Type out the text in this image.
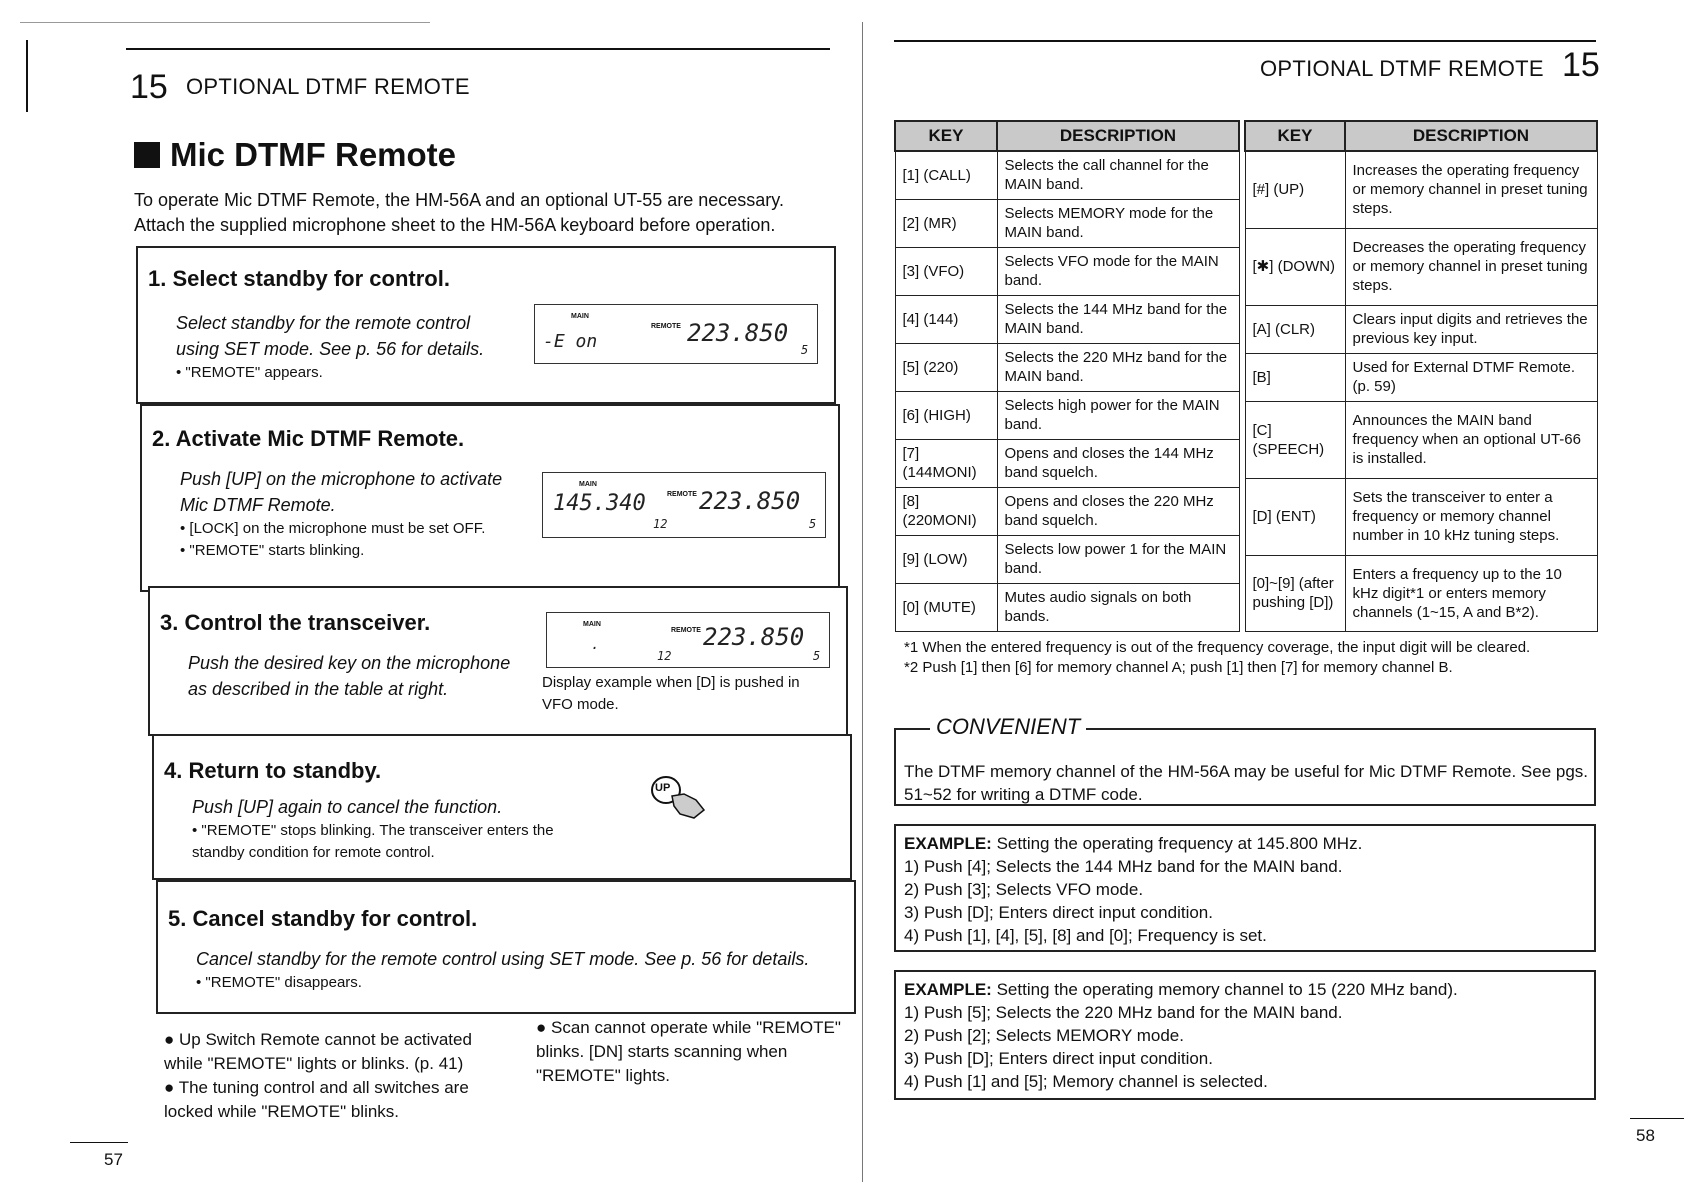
15 OPTIONAL DTMF REMOTE
Mic DTMF Remote
To operate Mic DTMF Remote, the HM-56A and an optional UT-55 are necessary. Attach the supplied microphone sheet to the HM-56A keyboard before operation.
1. Select standby for control.
Select standby for the remote control using SET mode. See p. 56 for details.
• "REMOTE" appears.
MAIN
REMOTE
-E on	223.850
5
2. Activate Mic DTMF Remote.
Push [UP] on the microphone to activate Mic DTMF Remote.
• [LOCK] on the microphone must be set OFF.
• "REMOTE" starts blinking.
MAIN
REMOTE
145.340 223.850
12	5
3. Control the transceiver.
Push the desired key on the microphone as described in the table at right.
MAIN
REMOTE
.	223.850
12	5
Display example when [D] is pushed in VFO mode.
4. Return to standby.
Push [UP] again to cancel the function.
• "REMOTE" stops blinking. The transceiver enters the standby condition for remote control.
UP
5. Cancel standby for control.
Cancel standby for the remote control using SET mode. See p. 56 for details.
• "REMOTE" disappears.
● Up Switch Remote cannot be activated while "REMOTE" lights or blinks. (p. 41)
● The tuning control and all switches are locked while "REMOTE" blinks.
● Scan cannot operate while "REMOTE" blinks. [DN] starts scanning when "REMOTE" lights.
57
OPTIONAL DTMF REMOTE 15
KEY	DESCRIPTION
[1] (CALL)	Selects the call channel for the MAIN band.
[2] (MR)	Selects MEMORY mode for the MAIN band.
[3] (VFO)	Selects VFO mode for the MAIN band.
[4] (144)	Selects the 144 MHz band for the MAIN band.
[5] (220)	Selects the 220 MHz band for the MAIN band.
[6] (HIGH)	Selects high power for the MAIN band.
[7] (144MONI)	Opens and closes the 144 MHz band squelch.
[8] (220MONI)	Opens and closes the 220 MHz band squelch.
[9] (LOW)	Selects low power 1 for the MAIN band.
[0] (MUTE)	Mutes audio signals on both bands.
KEY	DESCRIPTION
[#] (UP)	Increases the operating frequency or memory channel in preset tuning steps.
[✱] (DOWN)	Decreases the operating frequency or memory channel in preset tuning steps.
[A] (CLR)	Clears input digits and retrieves the previous key input.
[B]	Used for External DTMF Remote. (p. 59)
[C] (SPEECH)	Announces the MAIN band frequency when an optional UT-66 is installed.
[D] (ENT)	Sets the transceiver to enter a frequency or memory channel number in 10 kHz tuning steps.
[0]~[9] (after pushing [D])	Enters a frequency up to the 10 kHz digit*1 or enters memory channels (1~15, A and B*2).
*1 When the entered frequency is out of the frequency coverage, the input digit will be cleared.
*2 Push [1] then [6] for memory channel A; push [1] then [7] for memory channel B.
The DTMF memory channel of the HM-56A may be useful for Mic DTMF Remote. See pgs. 51~52 for writing a DTMF code.
CONVENIENT
EXAMPLE: Setting the operating frequency at 145.800 MHz.
1) Push [4]; Selects the 144 MHz band for the MAIN band.
2) Push [3]; Selects VFO mode.
3) Push [D]; Enters direct input condition.
4) Push [1], [4], [5], [8] and [0]; Frequency is set.
EXAMPLE: Setting the operating memory channel to 15 (220 MHz band).
1) Push [5]; Selects the 220 MHz band for the MAIN band.
2) Push [2]; Selects MEMORY mode.
3) Push [D]; Enters direct input condition.
4) Push [1] and [5]; Memory channel is selected.
58
